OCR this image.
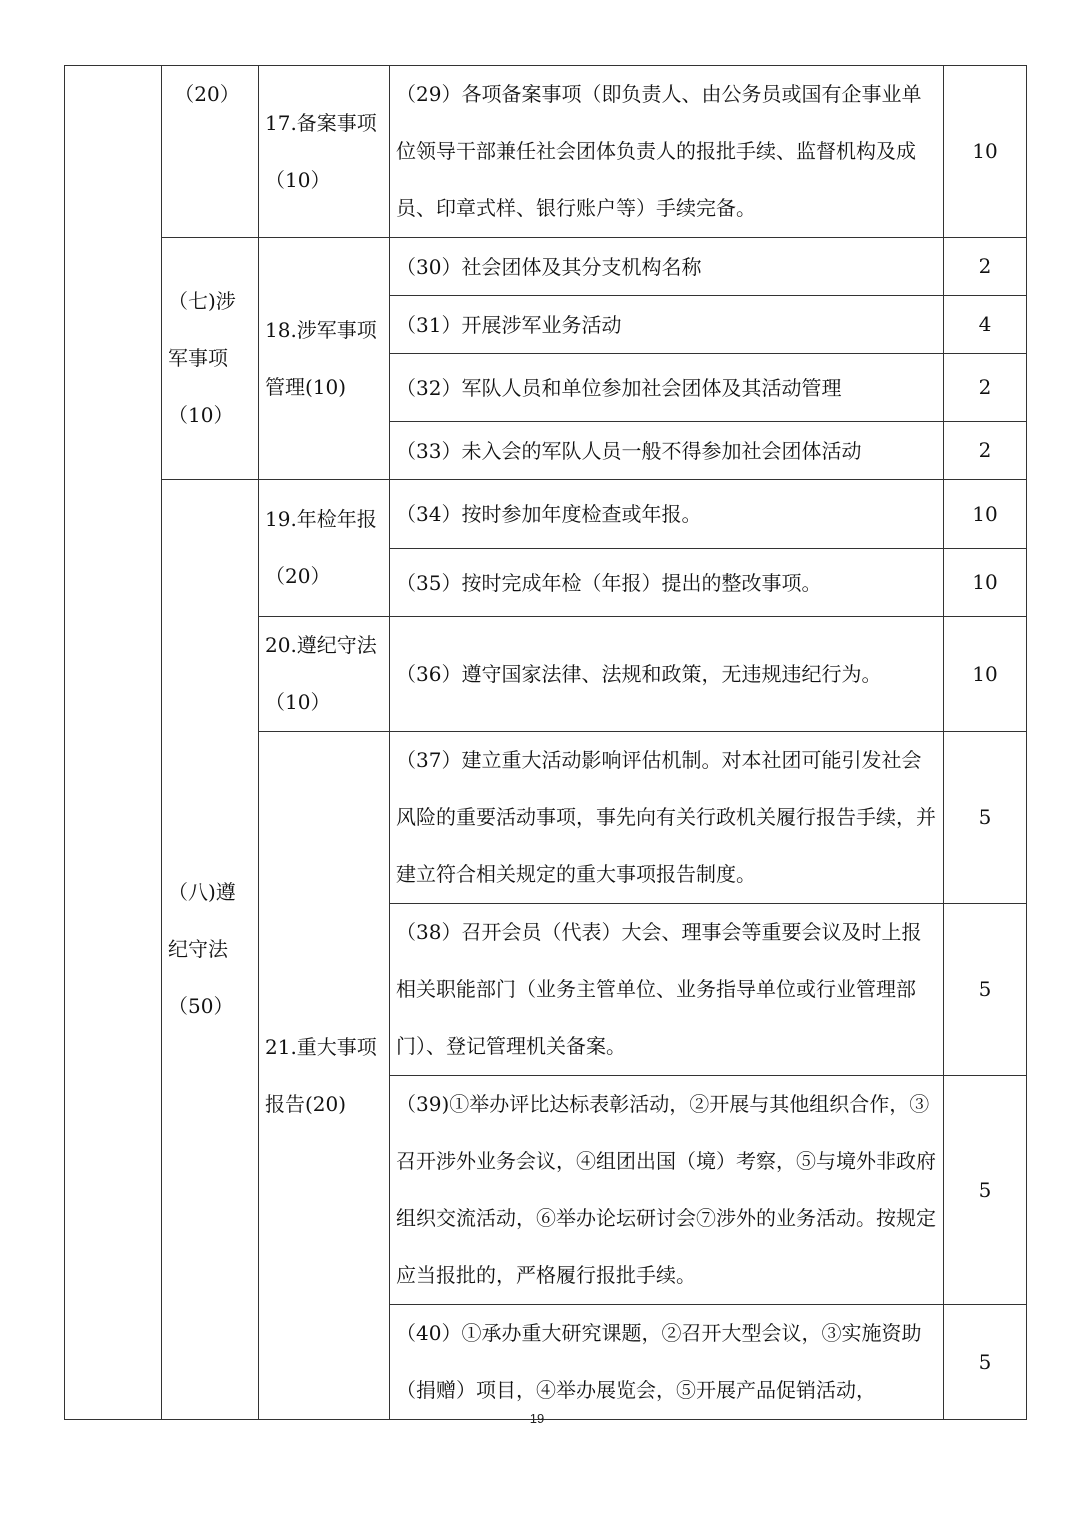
	（20）	17.备案事项（10）	（29）各项备案事项（即负责人、由公务员或国有企事业单位领导干部兼任社会团体负责人的报批手续、监督机构及成员、印章式样、银行账户等）手续完备。	10
	（七)涉军事项（10）	18.涉军事项管理(10)	（30）社会团体及其分支机构名称	2
			（31）开展涉军业务活动	4
			（32）军队人员和单位参加社会团体及其活动管理	2
			（33）未入会的军队人员一般不得参加社会团体活动	2
	（八)遵纪守法（50）	19.年检年报（20）	（34）按时参加年度检查或年报。	10
			（35）按时完成年检（年报）提出的整改事项。	10
		20.遵纪守法（10）	（36）遵守国家法律、法规和政策，无违规违纪行为。	10
		21.重大事项报告(20)	（37）建立重大活动影响评估机制。对本社团可能引发社会风险的重要活动事项，事先向有关行政机关履行报告手续，并建立符合相关规定的重大事项报告制度。	5
			（38）召开会员（代表）大会、理事会等重要会议及时上报相关职能部门（业务主管单位、业务指导单位或行业管理部门）、登记管理机关备案。	5
			（39)①举办评比达标表彰活动，②开展与其他组织合作，③召开涉外业务会议，④组团出国（境）考察，⑤与境外非政府组织交流活动，⑥举办论坛研讨会⑦涉外的业务活动。按规定应当报批的，严格履行报批手续。	5
			（40）①承办重大研究课题，②召开大型会议，③实施资助（捐赠）项目，④举办展览会，⑤开展产品促销活动，	5
19
